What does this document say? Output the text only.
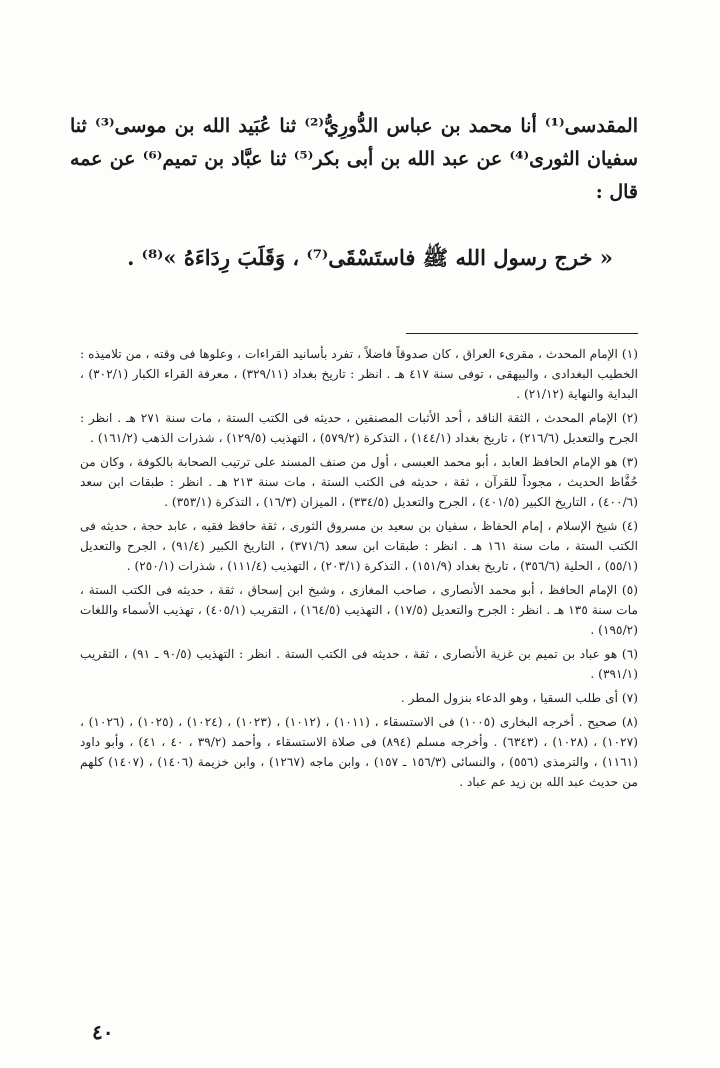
المقدسى⁽¹⁾ أنا محمد بن عباس الدُّورِيُّ⁽²⁾ ثنا عُبَيد الله بن موسى⁽³⁾ ثنا سفيان الثورى⁽⁴⁾ عن عبد الله بن أبى بكر⁽⁵⁾ ثنا عبَّاد بن تميم⁽⁶⁾ عن عمه قال :

« خرج رسول الله ﷺ فاستَسْقَى⁽⁷⁾ ، وَقَلَبَ رِدَاءَهُ »⁽⁸⁾ .

(١) الإمام المحدث ، مقرىء العراق ، كان صدوقاً فاضلاً ، تفرد بأسانيد القراءات ، وعلوها فى وقته ، من تلاميذه : الخطيب البغدادى ، والبيهقى ، توفى سنة ٤١٧ هـ . انظر : تاريخ بغداد (٣٢٩/١١) ، معرفة القراء الكبار (٣٠٢/١) ، البداية والنهاية (٢١/١٢) .

(٢) الإمام المحدث ، الثقة الناقد ، أحد الأثبات المصنفين ، حديثه فى الكتب الستة ، مات سنة ٢٧١ هـ . انظر : الجرح والتعديل (٢١٦/٦) ، تاريخ بغداد (١٤٤/١) ، التذكرة (٥٧٩/٢) ، التهذيب (١٢٩/٥) ، شذرات الذهب (١٦١/٢) .

(٣) هو الإمام الحافظ العابد ، أبو محمد العبسى ، أول من صنف المسند على ترتيب الصحابة بالكوفة ، وكان من حُفَّاظ الحديث ، مجوداً للقرآن ، ثقة ، حديثه فى الكتب الستة ، مات سنة ٢١٣ هـ . انظر : طبقات ابن سعد (٤٠٠/٦) ، التاريخ الكبير (٤٠١/٥) ، الجرح والتعديل (٣٣٤/٥) ، الميزان (١٦/٣) ، التذكرة (٣٥٣/١) .

(٤) شيخ الإسلام ، إمام الحفاظ ، سفيان بن سعيد بن مسروق الثورى ، ثقة حافظ فقيه ، عابد حجة ، حديثه فى الكتب الستة ، مات سنة ١٦١ هـ . انظر : طبقات ابن سعد (٣٧١/٦) ، التاريخ الكبير (٩١/٤) ، الجرح والتعديل (٥٥/١) ، الحلية (٣٥٦/٦) ، تاريخ بغداد (١٥١/٩) ، التذكرة (٢٠٣/١) ، التهذيب (١١١/٤) ، شذرات (٢٥٠/١) .

(٥) الإمام الحافظ ، أبو محمد الأنصارى ، صاحب المغازى ، وشيخ ابن إسحاق ، ثقة ، حديثه فى الكتب الستة ، مات سنة ١٣٥ هـ . انظر : الجرح والتعديل (١٧/٥) ، التهذيب (١٦٤/٥) ، التقريب (٤٠٥/١) ، تهذيب الأسماء واللغات (١٩٥/٢) .

(٦) هو عباد بن تميم بن غزية الأنصارى ، ثقة ، حديثه فى الكتب الستة . انظر : التهذيب (٩٠/٥ ـ ٩١) ، التقريب (٣٩١/١) .

(٧) أى طلب السقيا ، وهو الدعاء بنزول المطر .

(٨) صحيح . أخرجه البخارى (١٠٠٥) فى الاستسقاء ، (١٠١١) ، (١٠١٢) ، (١٠٢٣) ، (١٠٢٤) ، (١٠٢٥) ، (١٠٢٦) ، (١٠٢٧) ، (١٠٢٨) ، (٦٣٤٣) . وأخرجه مسلم (٨٩٤) فى صلاة الاستسقاء ، وأحمد (٣٩/٢ ، ٤٠ ، ٤١) ، وأبو داود (١١٦١) ، والترمذى (٥٥٦) ، والنسائى (١٥٦/٣ ـ ١٥٧) ، وابن ماجه (١٢٦٧) ، وابن خزيمة (١٤٠٦) ، (١٤٠٧) كلهم من حديث عبد الله بن زيد عم عباد .

٤٠
